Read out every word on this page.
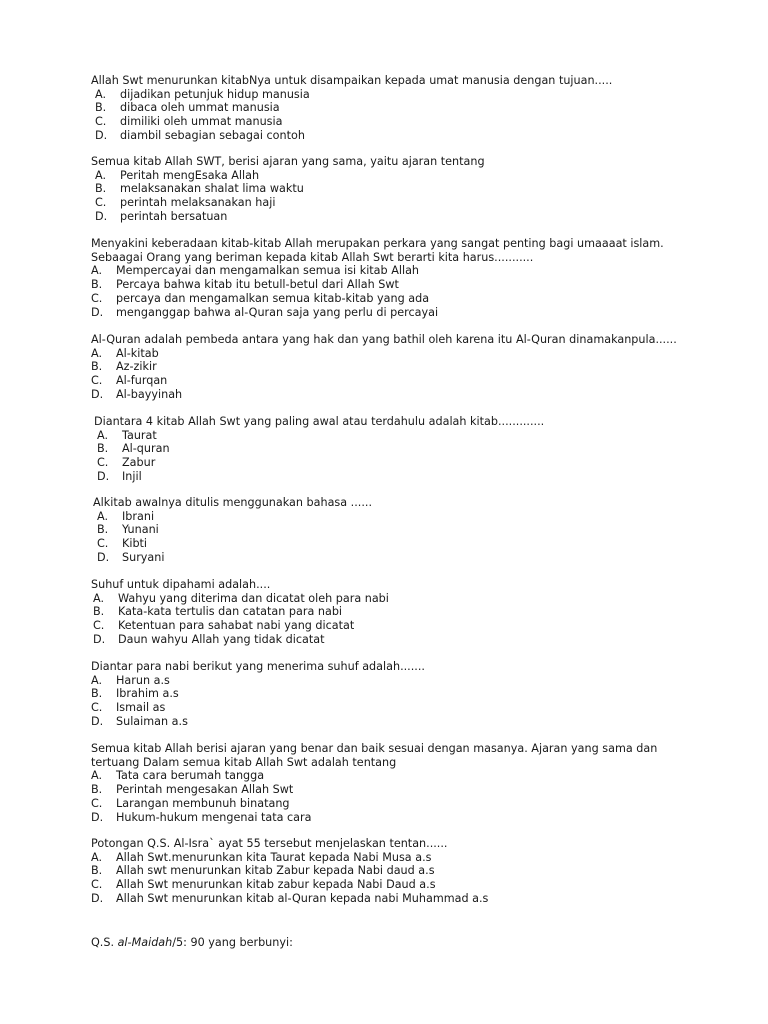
Allah Swt menurunkan kitabNya untuk disampaikan kepada umat manusia dengan tujuan.....

A.	dijadikan petunjuk hidup manusia
B.	dibaca oleh ummat manusia
C.	dimiliki oleh ummat manusia
D.	diambil sebagian sebagai contoh

Semua kitab Allah SWT, berisi ajaran yang sama, yaitu ajaran tentang

A.	Peritah mengEsaka Allah
B.	melaksanakan shalat lima waktu
C.	perintah melaksanakan haji
D.	perintah bersatuan

Menyakini keberadaan kitab-kitab Allah merupakan perkara yang sangat penting bagi umaaaat islam.

Sebaagai Orang yang beriman kepada kitab Allah Swt berarti kita harus...........

A.	Mempercayai dan mengamalkan semua isi kitab Allah
B.	Percaya bahwa kitab itu betull-betul dari Allah Swt
C.	percaya dan mengamalkan semua kitab-kitab yang ada
D.	menganggap bahwa al-Quran saja yang perlu di percayai

Al-Quran adalah pembeda antara yang hak dan yang bathil oleh karena itu Al-Quran dinamakanpula......

A.	Al-kitab
B.	Az-zikir
C.	Al-furqan
D.	Al-bayyinah

Diantara 4 kitab Allah Swt yang paling awal atau terdahulu adalah kitab.............

A.	Taurat
B.	Al-quran
C.	Zabur
D.	Injil

Alkitab awalnya ditulis menggunakan bahasa ......

A.	Ibrani
B.	Yunani
C.	Kibti
D.	Suryani

Suhuf untuk dipahami adalah....

A.	Wahyu yang diterima dan dicatat oleh para nabi
B.	Kata-kata tertulis dan catatan para nabi
C.	Ketentuan para sahabat nabi yang dicatat
D.	Daun wahyu Allah yang tidak dicatat

Diantar para nabi berikut yang menerima suhuf adalah.......

A.	Harun a.s
B.	Ibrahim a.s
C.	Ismail as
D.	Sulaiman a.s

Semua kitab Allah berisi ajaran yang benar dan baik sesuai dengan masanya. Ajaran yang sama dan

tertuang Dalam semua kitab Allah Swt adalah tentang

A.	Tata cara berumah tangga
B.	Perintah mengesakan Allah Swt
C.	Larangan membunuh binatang
D.	Hukum-hukum mengenai tata cara

Potongan Q.S. Al-Isra` ayat 55 tersebut menjelaskan tentan......

A.	Allah Swt.menurunkan kita Taurat kepada Nabi Musa a.s
B.	Allah swt menurunkan kitab Zabur kepada Nabi daud a.s
C.	Allah Swt menurunkan kitab zabur kepada Nabi Daud a.s
D.	Allah Swt menurunkan kitab al-Quran kepada nabi Muhammad a.s
Q.S. al-Maidah/5: 90 yang berbunyi:
